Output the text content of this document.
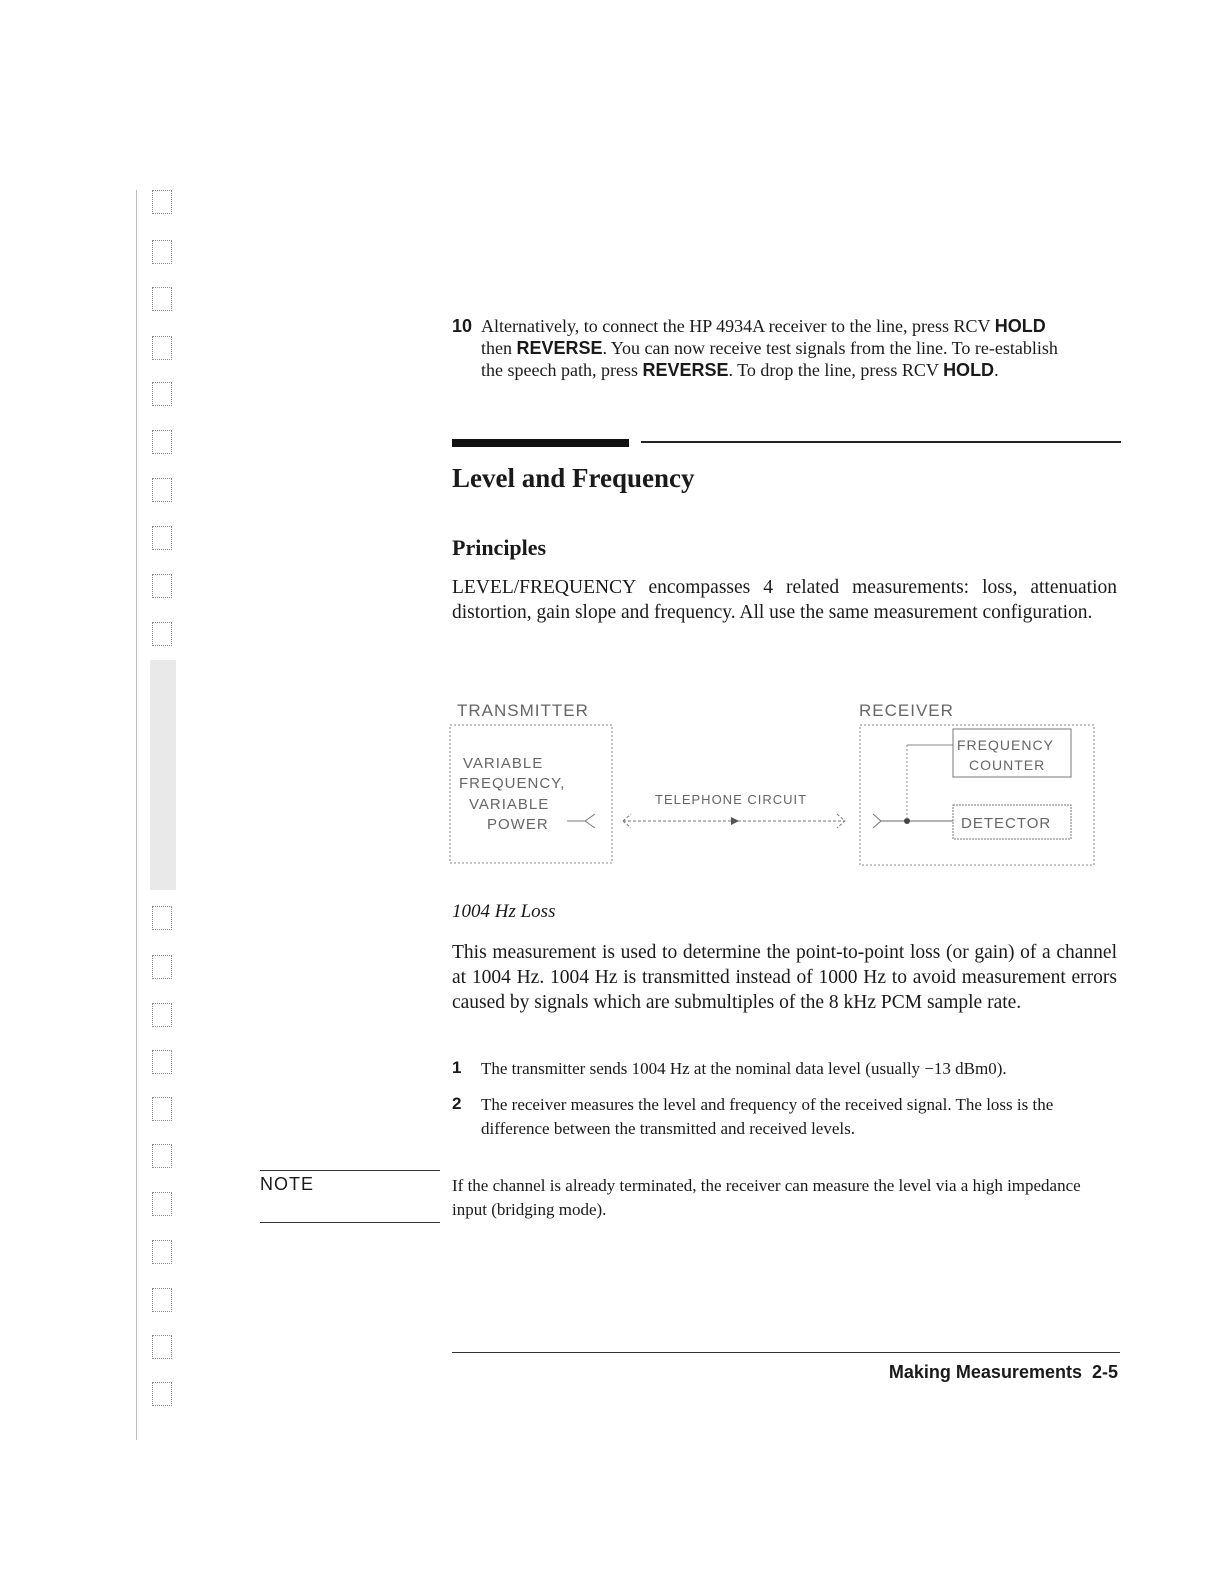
10 Alternatively, to connect the HP 4934A receiver to the line, press RCV HOLD
then REVERSE. You can now receive test signals from the line. To re-establish
the speech path, press REVERSE. To drop the line, press RCV HOLD.
Level and Frequency
Principles
LEVEL/FREQUENCY encompasses 4 related measurements: loss, attenuation distortion, gain slope and frequency. All use the same measurement configuration.
TRANSMITTER	RECEIVER
VARIABLE
FREQUENCY,
VARIABLE
POWER
TELEPHONE CIRCUIT
FREQUENCY
COUNTER
DETECTOR
1004 Hz Loss
This measurement is used to determine the point-to-point loss (or gain) of a channel at 1004 Hz. 1004 Hz is transmitted instead of 1000 Hz to avoid measurement errors caused by signals which are submultiples of the 8 kHz PCM sample rate.
1 The transmitter sends 1004 Hz at the nominal data level (usually −13 dBm0).
2 The receiver measures the level and frequency of the received signal. The loss is the difference between the transmitted and received levels.
NOTE	If the channel is already terminated, the receiver can measure the level via a high impedance input (bridging mode).
Making Measurements 2-5
